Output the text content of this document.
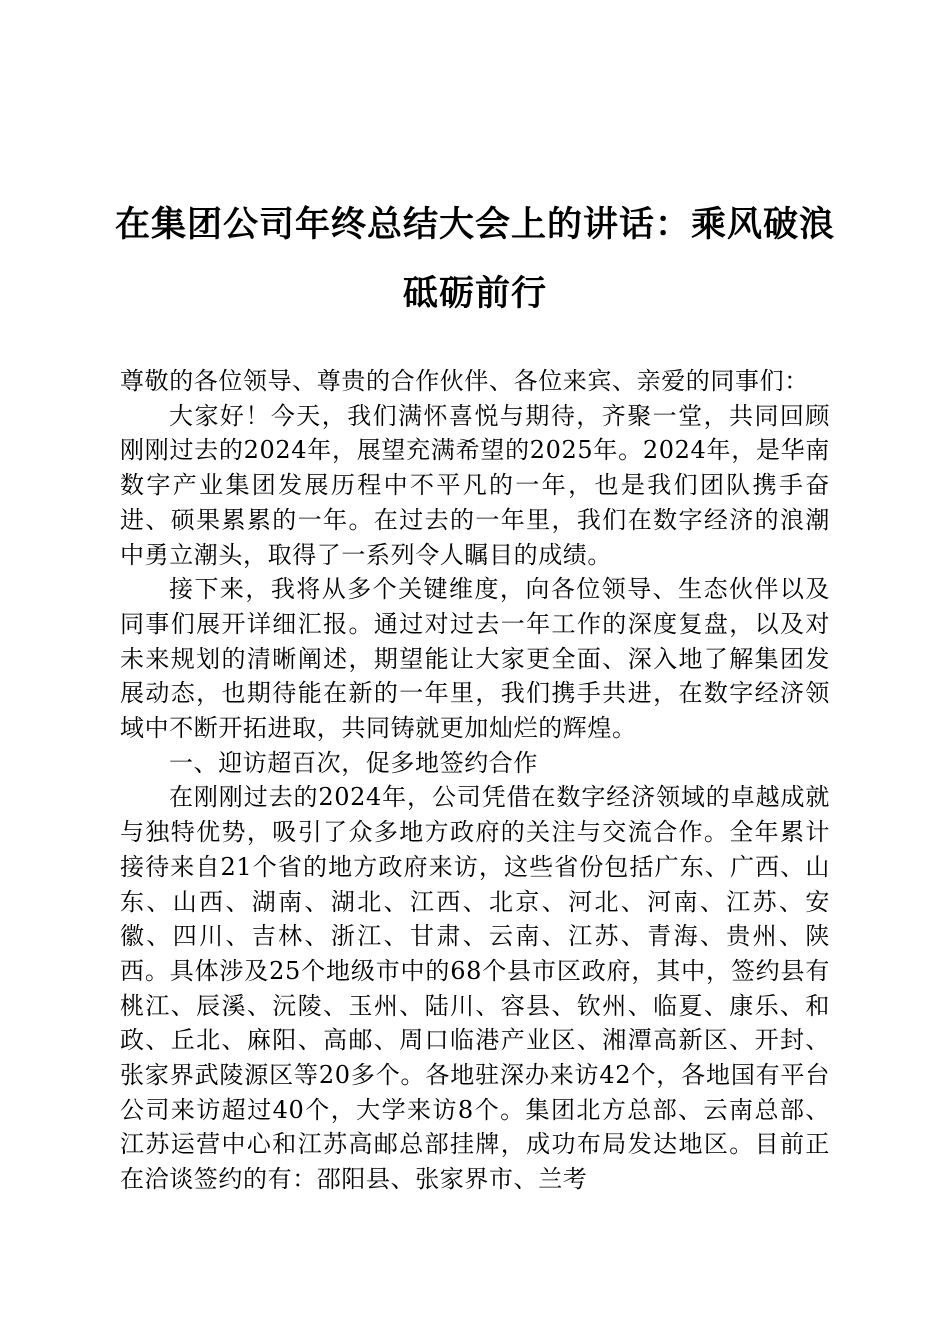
在集团公司年终总结大会上的讲话：乘风破浪
砥砺前行

尊敬的各位领导、尊贵的合作伙伴、各位来宾、亲爱的同事们：

大家好！今天，我们满怀喜悦与期待，齐聚一堂，共同回顾刚刚过去的2024年，展望充满希望的2025年。2024年，是华南数字产业集团发展历程中不平凡的一年，也是我们团队携手奋进、硕果累累的一年。在过去的一年里，我们在数字经济的浪潮中勇立潮头，取得了一系列令人瞩目的成绩。

接下来，我将从多个关键维度，向各位领导、生态伙伴以及同事们展开详细汇报。通过对过去一年工作的深度复盘，以及对未来规划的清晰阐述，期望能让大家更全面、深入地了解集团发展动态，也期待能在新的一年里，我们携手共进，在数字经济领域中不断开拓进取，共同铸就更加灿烂的辉煌。

一、迎访超百次，促多地签约合作

在刚刚过去的2024年，公司凭借在数字经济领域的卓越成就与独特优势，吸引了众多地方政府的关注与交流合作。全年累计接待来自21个省的地方政府来访，这些省份包括广东、广西、山东、山西、湖南、湖北、江西、北京、河北、河南、江苏、安徽、四川、吉林、浙江、甘肃、云南、江苏、青海、贵州、陕西。具体涉及25个地级市中的68个县市区政府，其中，签约县有桃江、辰溪、沅陵、玉州、陆川、容县、钦州、临夏、康乐、和政、丘北、麻阳、高邮、周口临港产业区、湘潭高新区、开封、张家界武陵源区等20多个。各地驻深办来访42个，各地国有平台公司来访超过40个，大学来访8个。集团北方总部、云南总部、江苏运营中心和江苏高邮总部挂牌，成功布局发达地区。目前正在洽谈签约的有：邵阳县、张家界市、兰考
